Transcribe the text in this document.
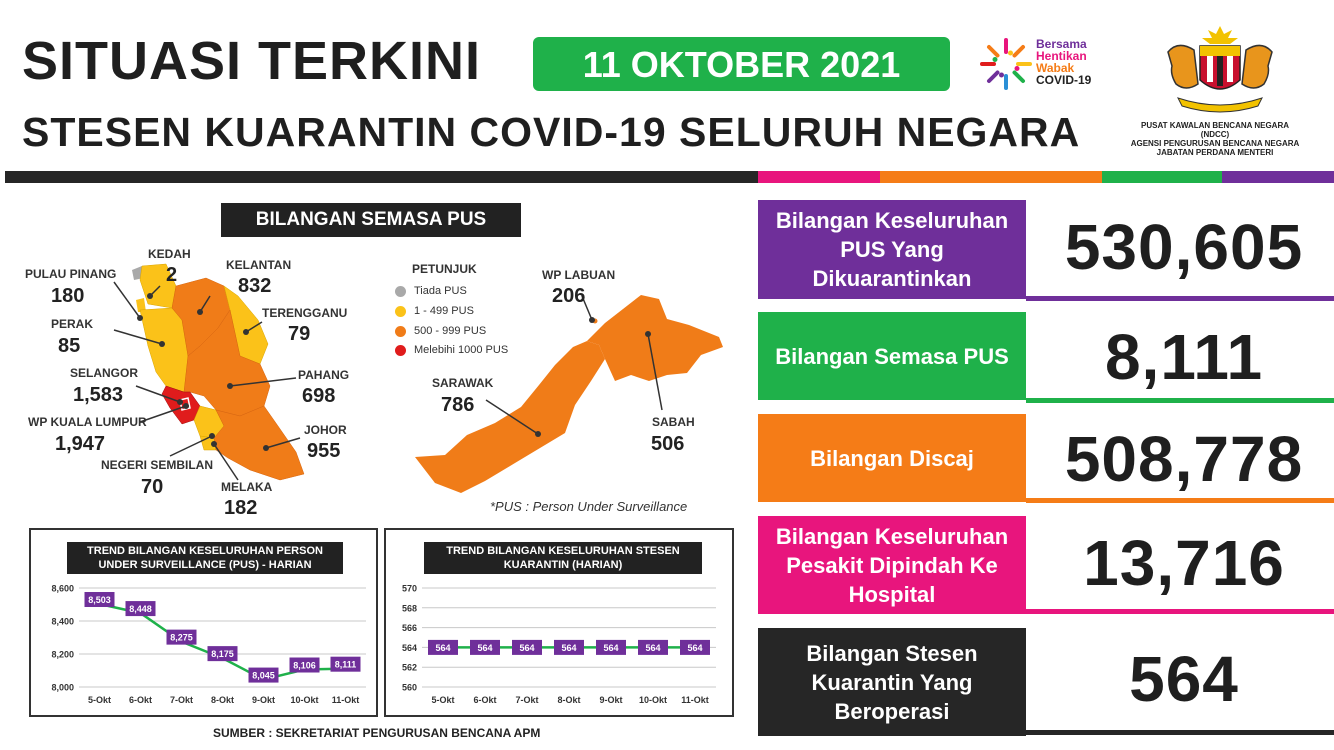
SITUASI TERKINI	11 OKTOBER 2021
STESEN KUARANTIN COVID-19 SELURUH NEGARA
Bersama
Hentikan
Wabak
COVID-19
PUSAT KAWALAN BENCANA NEGARA (NDCC)
AGENSI PENGURUSAN BENCANA NEGARA
JABATAN PERDANA MENTERI
BILANGAN SEMASA PUS
KEDAH
2
PULAU PINANG
180
KELANTAN
832
PERAK
85
TERENGGANU
79
SELANGOR
1,583
PAHANG
698
WP KUALA LUMPUR
1,947
JOHOR
955
NEGERI SEMBILAN
70	MELAKA
182
WP LABUAN
206
SARAWAK
786
SABAH
506
PETUNJUK
Tiada PUS
1 - 499 PUS
500 - 999 PUS
Melebihi 1000 PUS
*PUS : Person Under Surveillance
Bilangan Keseluruhan PUS Yang Dikuarantinkan	530,605
Bilangan Semasa PUS	8,111
Bilangan Discaj	508,778
Bilangan Keseluruhan Pesakit Dipindah Ke Hospital	13,716
Bilangan Stesen Kuarantin Yang Beroperasi	564
TREND BILANGAN KESELURUHAN PERSON UNDER SURVEILLANCE (PUS) - HARIAN
8,000
8,200
8,400
8,600
5-Okt 6-Okt 7-Okt 8-Okt 9-Okt 10-Okt 11-Okt
8,503
8,448
8,275
8,175
8,045
8,106 8,111
TREND BILANGAN KESELURUHAN STESEN KUARANTIN (HARIAN)
560
562
564
566
568
570
5-Okt 6-Okt 7-Okt 8-Okt 9-Okt 10-Okt 11-Okt
564	564	564	564	564	564	564
SUMBER : SEKRETARIAT PENGURUSAN BENCANA APM
